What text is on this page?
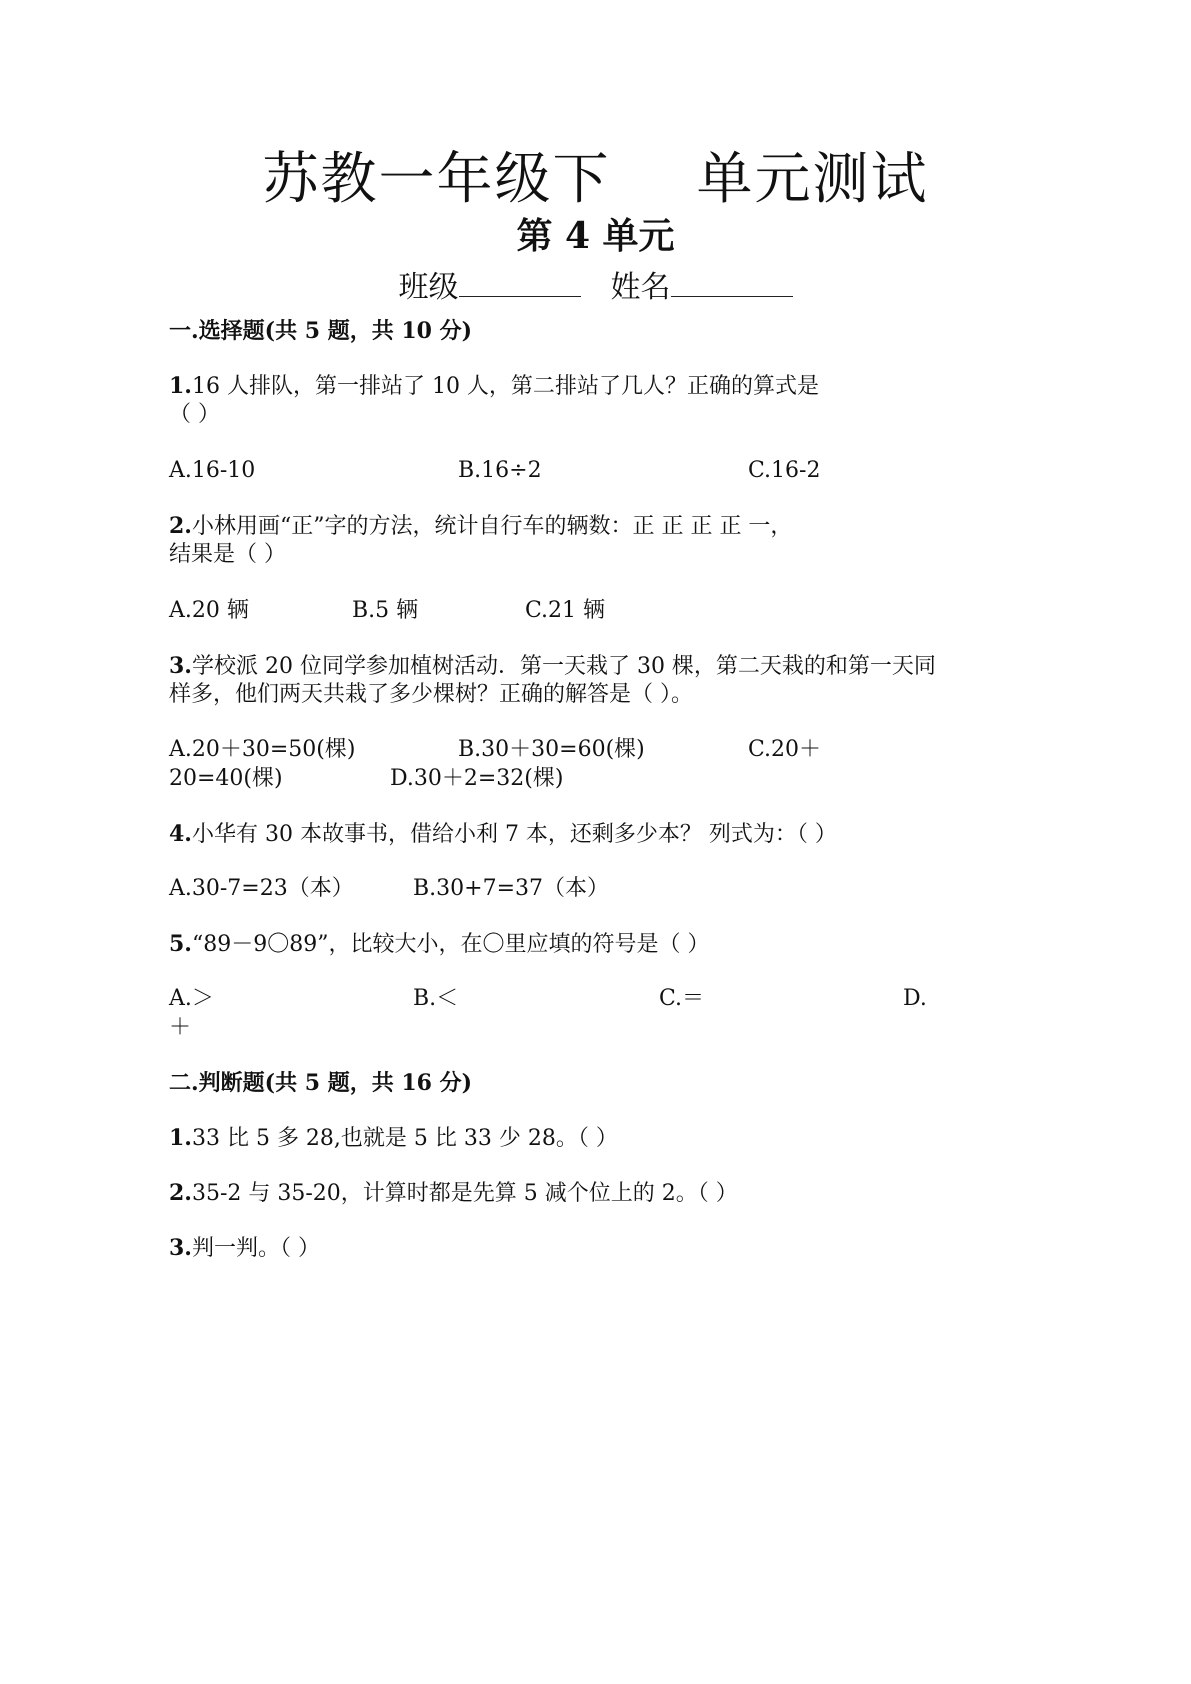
苏教一年级下 单元测试
第 4 单元
班级	姓名
一.选择题(共 5 题，共 10 分)
1.16 人排队，第一排站了 10 人，第二排站了几人？正确的算式是
（ ）
A.16-10	B.16÷2	C.16-2
2.小林用画“正”字的方法，统计自行车的辆数：正 正 正 正 一，
结果是（ ）
A.20 辆	B.5 辆	C.21 辆
3.学校派 20 位同学参加植树活动．第一天栽了 30 棵，第二天栽的和第一天同
样多，他们两天共栽了多少棵树？正确的解答是（ ）。
A.20＋30=50(棵)	B.30＋30=60(棵)	C.20＋
20=40(棵)	D.30＋2=32(棵)
4.小华有 30 本故事书，借给小利 7 本，还剩多少本？ 列式为：（ ）
A.30-7=23（本）	B.30+7=37（本）
5.“89－9〇89”，比较大小，在〇里应填的符号是（ ）
A.＞	B.＜	C.＝	D.
＋
二.判断题(共 5 题，共 16 分)
1.33 比 5 多 28,也就是 5 比 33 少 28。（ ）
2.35-2 与 35-20，计算时都是先算 5 减个位上的 2。（ ）
3.判一判。（ ）
